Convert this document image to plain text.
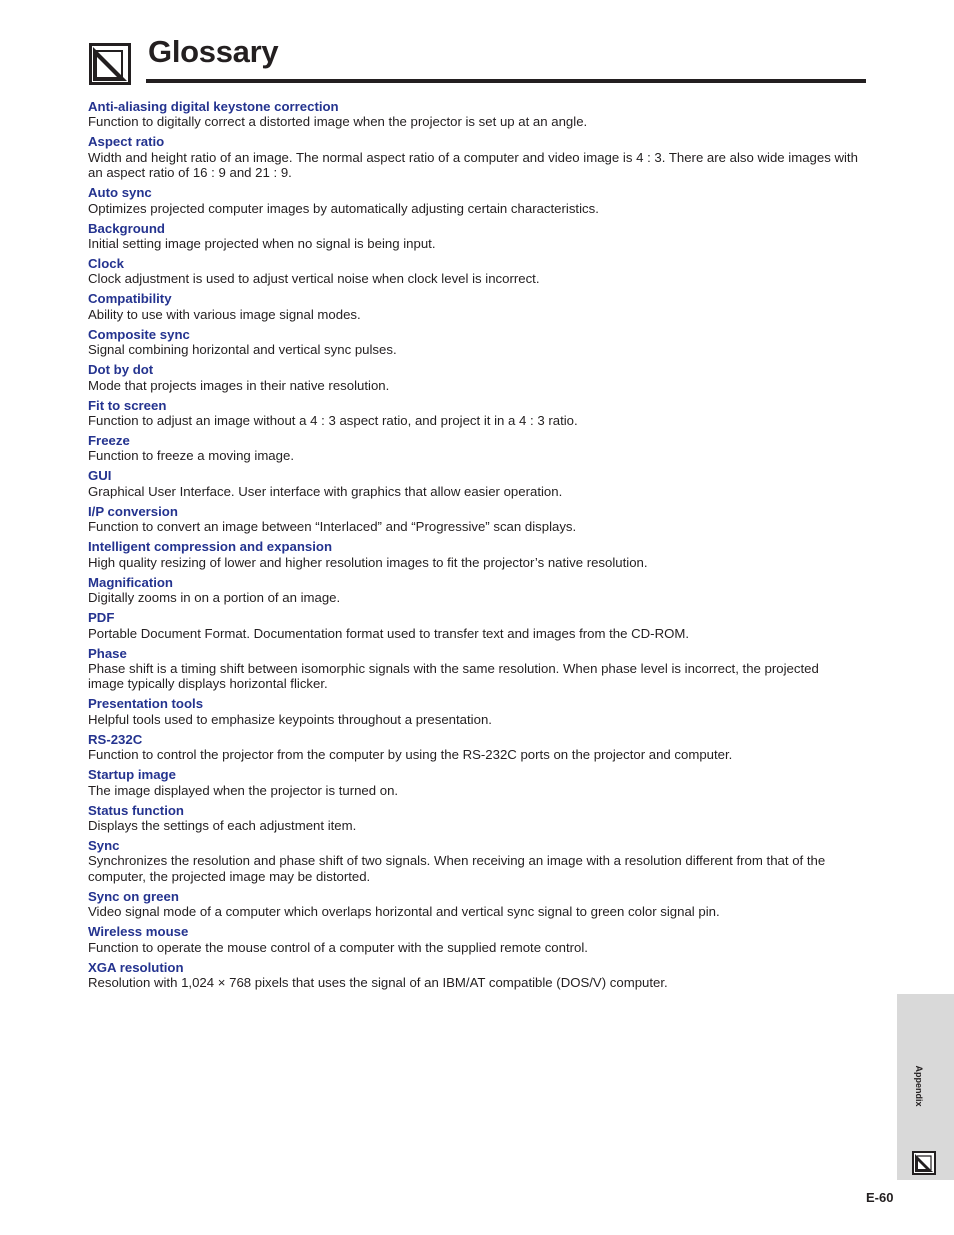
Glossary
Anti-aliasing digital keystone correction
Function to digitally correct a distorted image when the projector is set up at an angle.
Aspect ratio
Width and height ratio of an image. The normal aspect ratio of a computer and video image is 4 : 3. There are also wide images with an aspect ratio of 16 : 9 and 21 : 9.
Auto sync
Optimizes projected computer images by automatically adjusting certain characteristics.
Background
Initial setting image projected when no signal is being input.
Clock
Clock adjustment is used to adjust vertical noise when clock level is incorrect.
Compatibility
Ability to use with various image signal modes.
Composite sync
Signal combining horizontal and vertical sync pulses.
Dot by dot
Mode that projects images in their native resolution.
Fit to screen
Function to adjust an image without a 4 : 3 aspect ratio, and project it in a 4 : 3 ratio.
Freeze
Function to freeze a moving image.
GUI
Graphical User Interface. User interface with graphics that allow easier operation.
I/P conversion
Function to convert an image between “Interlaced” and “Progressive” scan displays.
Intelligent compression and expansion
High quality resizing of lower and higher resolution images to fit the projector’s native resolution.
Magnification
Digitally zooms in on a portion of an image.
PDF
Portable Document Format. Documentation format used to transfer text and images from the CD-ROM.
Phase
Phase shift is a timing shift between isomorphic signals with the same resolution. When phase level is incorrect, the projected image typically displays horizontal flicker.
Presentation tools
Helpful tools used to emphasize keypoints throughout a presentation.
RS-232C
Function to control the projector from the computer by using the RS-232C ports on the projector and computer.
Startup image
The image displayed when the projector is turned on.
Status function
Displays the settings of each adjustment item.
Sync
Synchronizes the resolution and phase shift of two signals. When receiving an image with a resolution different from that of the computer, the projected image may be distorted.
Sync on green
Video signal mode of a computer which overlaps horizontal and vertical sync signal to green color signal pin.
Wireless mouse
Function to operate the mouse control of a computer with the supplied remote control.
XGA resolution
Resolution with 1,024 × 768 pixels that uses the signal of an IBM/AT compatible (DOS/V) computer.
Appendix
E-60
